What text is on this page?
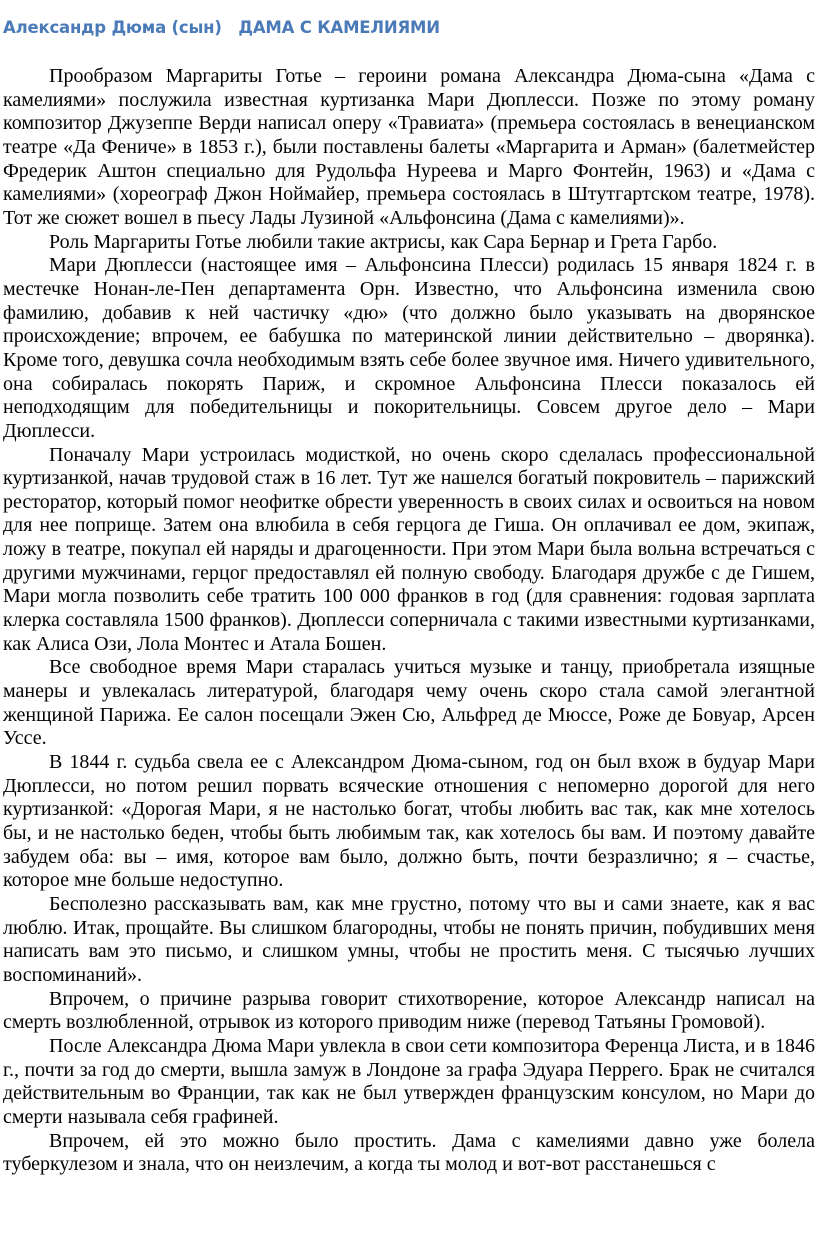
Александр Дюма (сын)   ДАМА С КАМЕЛИЯМИ

Прообразом Маргариты Готье – героини романа Александра Дюма-сына «Дама с камелиями» послужила известная куртизанка Мари Дюплесси. Позже по этому роману композитор Джузеппе Верди написал оперу «Травиата» (премьера состоялась в венецианском театре «Да Фениче» в 1853 г.), были поставлены балеты «Маргарита и Арман» (балетмейстер Фредерик Аштон специально для Рудольфа Нуреева и Марго Фонтейн, 1963) и «Дама с камелиями» (хореограф Джон Ноймайер, премьера состоялась в Штутгартском театре, 1978). Тот же сюжет вошел в пьесу Лады Лузиной «Альфонсина (Дама с камелиями)».

Роль Маргариты Готье любили такие актрисы, как Сара Бернар и Грета Гарбо.

Мари Дюплесси (настоящее имя – Альфонсина Плесси) родилась 15 января 1824 г. в местечке Нонан-ле-Пен департамента Орн. Известно, что Альфонсина изменила свою фамилию, добавив к ней частичку «дю» (что должно было указывать на дворянское происхождение; впрочем, ее бабушка по материнской линии действительно – дворянка). Кроме того, девушка сочла необходимым взять себе более звучное имя. Ничего удивительного, она собиралась покорять Париж, и скромное Альфонсина Плесси показалось ей неподходящим для победительницы и покорительницы. Совсем другое дело – Мари Дюплесси.

Поначалу Мари устроилась модисткой, но очень скоро сделалась профессиональной куртизанкой, начав трудовой стаж в 16 лет. Тут же нашелся богатый покровитель – парижский ресторатор, который помог неофитке обрести уверенность в своих силах и освоиться на новом для нее поприще. Затем она влюбила в себя герцога де Гиша. Он оплачивал ее дом, экипаж, ложу в театре, покупал ей наряды и драгоценности. При этом Мари была вольна встречаться с другими мужчинами, герцог предоставлял ей полную свободу. Благодаря дружбе с де Гишем, Мари могла позволить себе тратить 100 000 франков в год (для сравнения: годовая зарплата клерка составляла 1500 франков). Дюплесси соперничала с такими известными куртизанками, как Алиса Ози, Лола Монтес и Атала Бошен.

Все свободное время Мари старалась учиться музыке и танцу, приобретала изящные манеры и увлекалась литературой, благодаря чему очень скоро стала самой элегантной женщиной Парижа. Ее салон посещали Эжен Сю, Альфред де Мюссе, Роже де Бовуар, Арсен Уссе.

В 1844 г. судьба свела ее с Александром Дюма-сыном, год он был вхож в будуар Мари Дюплесси, но потом решил порвать всяческие отношения с непомерно дорогой для него куртизанкой: «Дорогая Мари, я не настолько богат, чтобы любить вас так, как мне хотелось бы, и не настолько беден, чтобы быть любимым так, как хотелось бы вам. И поэтому давайте забудем оба: вы – имя, которое вам было, должно быть, почти безразлично; я – счастье, которое мне больше недоступно.

Бесполезно рассказывать вам, как мне грустно, потому что вы и сами знаете, как я вас люблю. Итак, прощайте. Вы слишком благородны, чтобы не понять причин, побудивших меня написать вам это письмо, и слишком умны, чтобы не простить меня. С тысячью лучших воспоминаний».

Впрочем, о причине разрыва говорит стихотворение, которое Александр написал на смерть возлюбленной, отрывок из которого приводим ниже (перевод Татьяны Громовой).

После Александра Дюма Мари увлекла в свои сети композитора Ференца Листа, и в 1846 г., почти за год до смерти, вышла замуж в Лондоне за графа Эдуара Перрего. Брак не считался действительным во Франции, так как не был утвержден французским консулом, но Мари до смерти называла себя графиней.

Впрочем, ей это можно было простить. Дама с камелиями давно уже болела туберкулезом и знала, что он неизлечим, а когда ты молод и вот-вот расстанешься с
